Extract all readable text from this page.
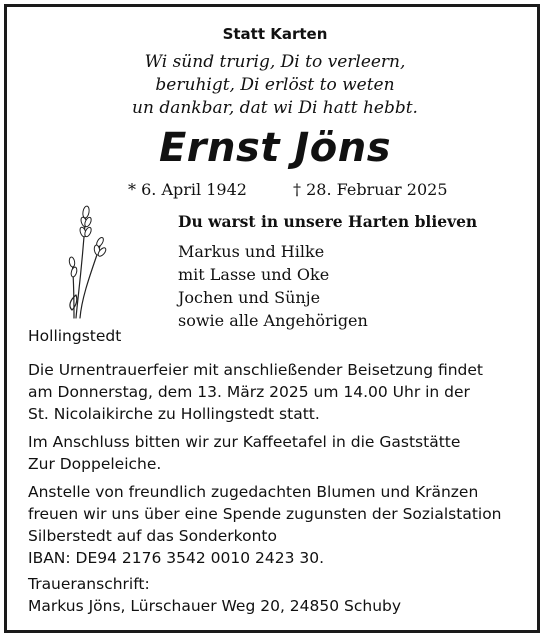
Statt Karten
Wi sünd trurig, Di to verleern,
beruhigt, Di erlöst to weten
un dankbar, dat wi Di hatt hebbt.
Ernst Jöns
* 6. April 1942	† 28. Februar 2025
Du warst in unsere Harten blieven
Markus und Hilke
mit Lasse und Oke
Jochen und Sünje
sowie alle Angehörigen
Hollingstedt
Die Urnentrauerfeier mit anschließender Beisetzung findet
am Donnerstag, dem 13. März 2025 um 14.00 Uhr in der
St. Nicolaikirche zu Hollingstedt statt.
Im Anschluss bitten wir zur Kaffeetafel in die Gaststätte
Zur Doppeleiche.
Anstelle von freundlich zugedachten Blumen und Kränzen
freuen wir uns über eine Spende zugunsten der Sozialstation
Silberstedt auf das Sonderkonto
IBAN: DE94 2176 3542 0010 2423 30.
Traueranschrift:
Markus Jöns, Lürschauer Weg 20, 24850 Schuby
